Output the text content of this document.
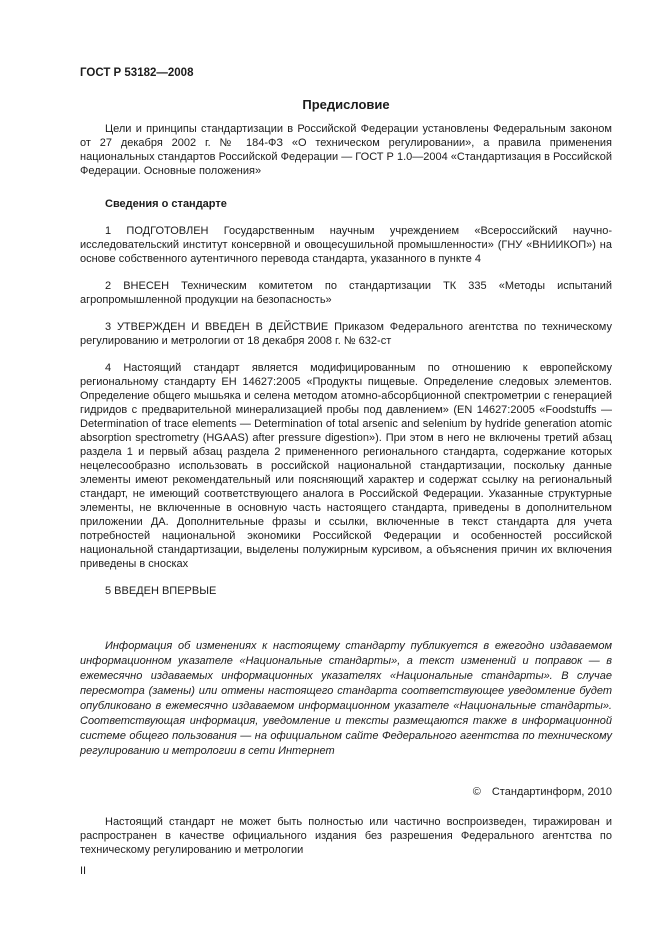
ГОСТ Р 53182—2008
Предисловие

Цели и принципы стандартизации в Российской Федерации установлены Федеральным законом от 27 декабря 2002 г. № 184-ФЗ «О техническом регулировании», а правила применения национальных стандартов Российской Федерации — ГОСТ Р 1.0—2004 «Стандартизация в Российской Федерации. Основные положения»

Сведения о стандарте

1 ПОДГОТОВЛЕН Государственным научным учреждением «Всероссийский научно-исследовательский институт консервной и овощесушильной промышленности» (ГНУ «ВНИИКОП») на основе собственного аутентичного перевода стандарта, указанного в пункте 4

2 ВНЕСЕН Техническим комитетом по стандартизации ТК 335 «Методы испытаний агропромышленной продукции на безопасность»

3 УТВЕРЖДЕН И ВВЕДЕН В ДЕЙСТВИЕ Приказом Федерального агентства по техническому регулированию и метрологии от 18 декабря 2008 г. № 632-ст

4 Настоящий стандарт является модифицированным по отношению к европейскому региональному стандарту ЕН 14627:2005 «Продукты пищевые. Определение следовых элементов. Определение общего мышьяка и селена методом атомно-абсорбционной спектрометрии с генерацией гидридов с предварительной минерализацией пробы под давлением» (EN 14627:2005 «Foodstuffs — Determination of trace elements — Determination of total arsenic and selenium by hydride generation atomic absorption spectrometry (HGAAS) after pressure digestion»). При этом в него не включены третий абзац раздела 1 и первый абзац раздела 2 примененного регионального стандарта, содержание которых нецелесообразно использовать в российской национальной стандартизации, поскольку данные элементы имеют рекомендательный или поясняющий характер и содержат ссылку на региональный стандарт, не имеющий соответствующего аналога в Российской Федерации. Указанные структурные элементы, не включенные в основную часть настоящего стандарта, приведены в дополнительном приложении ДА. Дополнительные фразы и ссылки, включенные в текст стандарта для учета потребностей национальной экономики Российской Федерации и особенностей российской национальной стандартизации, выделены полужирным курсивом, а объяснения причин их включения приведены в сносках

5 ВВЕДЕН ВПЕРВЫЕ

Информация об изменениях к настоящему стандарту публикуется в ежегодно издаваемом информационном указателе «Национальные стандарты», а текст изменений и поправок — в ежемесячно издаваемых информационных указателях «Национальные стандарты». В случае пересмотра (замены) или отмены настоящего стандарта соответствующее уведомление будет опубликовано в ежемесячно издаваемом информационном указателе «Национальные стандарты». Соответствующая информация, уведомление и тексты размещаются также в информационной системе общего пользования — на официальном сайте Федерального агентства по техническому регулированию и метрологии в сети Интернет

© Стандартинформ, 2010

Настоящий стандарт не может быть полностью или частично воспроизведен, тиражирован и распространен в качестве официального издания без разрешения Федерального агентства по техническому регулированию и метрологии

II
